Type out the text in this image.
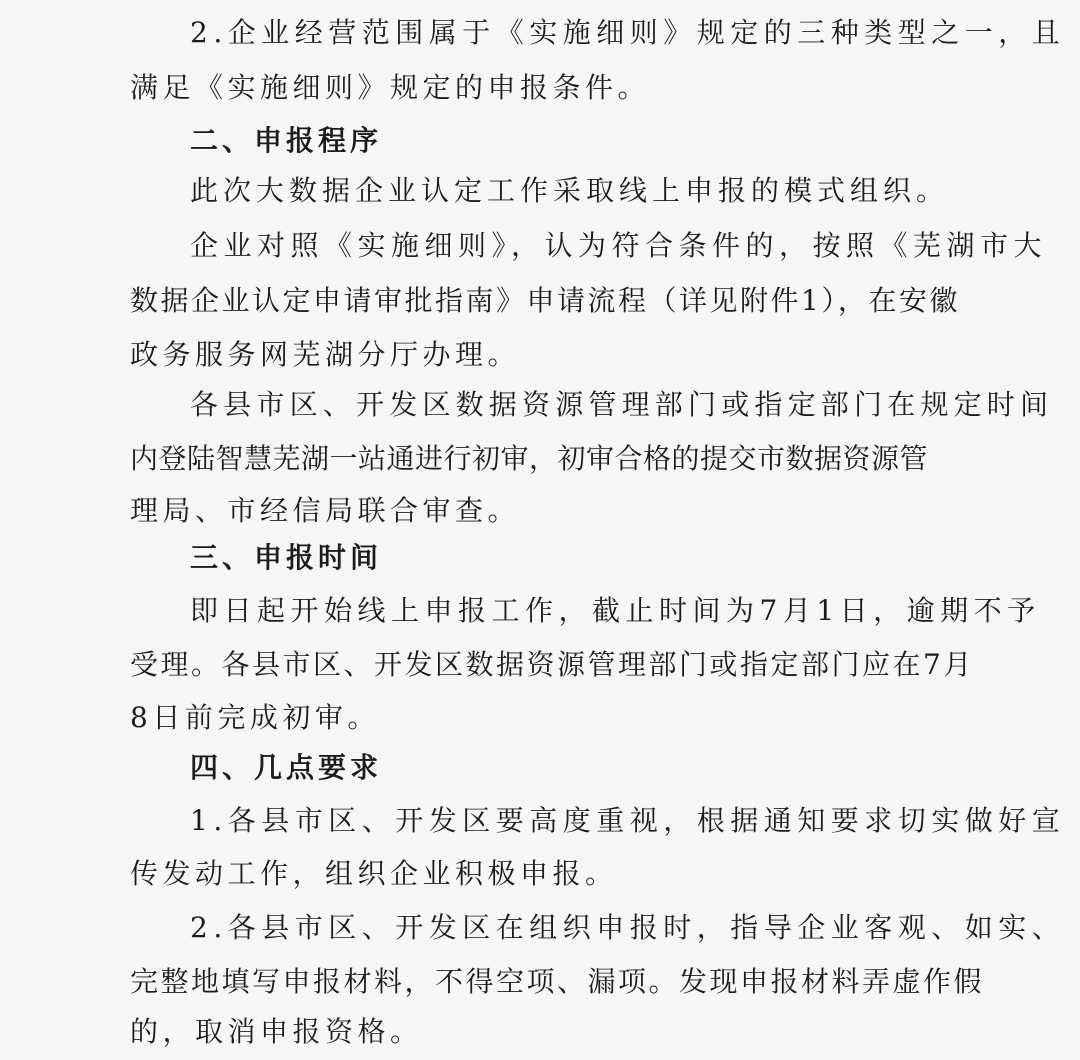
2.企业经营范围属于《实施细则》规定的三种类型之一，且
满足《实施细则》规定的申报条件。
二、申报程序
此次大数据企业认定工作采取线上申报的模式组织。
企业对照《实施细则》，认为符合条件的，按照《芜湖市大
数据企业认定申请审批指南》申请流程（详见附件1），在安徽
政务服务网芜湖分厅办理。
各县市区、开发区数据资源管理部门或指定部门在规定时间
内登陆智慧芜湖一站通进行初审，初审合格的提交市数据资源管
理局、市经信局联合审查。
三、申报时间
即日起开始线上申报工作，截止时间为7月1日，逾期不予
受理。各县市区、开发区数据资源管理部门或指定部门应在7月
8日前完成初审。
四、几点要求
1.各县市区、开发区要高度重视，根据通知要求切实做好宣
传发动工作，组织企业积极申报。
2.各县市区、开发区在组织申报时，指导企业客观、如实、
完整地填写申报材料，不得空项、漏项。发现申报材料弄虚作假
的，取消申报资格。
